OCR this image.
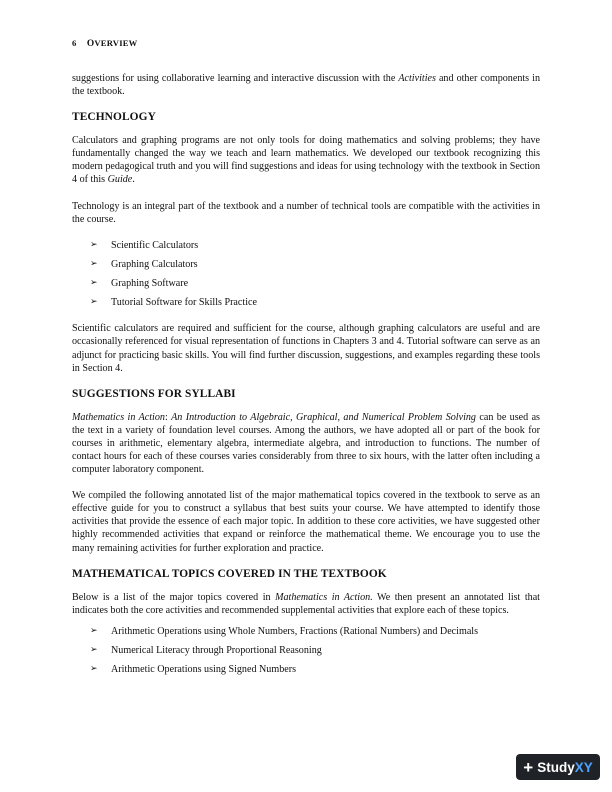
6 OVERVIEW

suggestions for using collaborative learning and interactive discussion with the Activities and other components in the textbook.

TECHNOLOGY

Calculators and graphing programs are not only tools for doing mathematics and solving problems; they have fundamentally changed the way we teach and learn mathematics. We developed our textbook recognizing this modern pedagogical truth and you will find suggestions and ideas for using technology with the textbook in Section 4 of this Guide.

Technology is an integral part of the textbook and a number of technical tools are compatible with the activities in the course.

➢ Scientific Calculators
➢ Graphing Calculators
➢ Graphing Software
➢ Tutorial Software for Skills Practice

Scientific calculators are required and sufficient for the course, although graphing calculators are useful and are occasionally referenced for visual representation of functions in Chapters 3 and 4. Tutorial software can serve as an adjunct for practicing basic skills. You will find further discussion, suggestions, and examples regarding these tools in Section 4.

SUGGESTIONS FOR SYLLABI

Mathematics in Action: An Introduction to Algebraic, Graphical, and Numerical Problem Solving can be used as the text in a variety of foundation level courses. Among the authors, we have adopted all or part of the book for courses in arithmetic, elementary algebra, intermediate algebra, and introduction to functions. The number of contact hours for each of these courses varies considerably from three to six hours, with the latter often including a computer laboratory component.

We compiled the following annotated list of the major mathematical topics covered in the textbook to serve as an effective guide for you to construct a syllabus that best suits your course. We have attempted to identify those activities that provide the essence of each major topic. In addition to these core activities, we have suggested other highly recommended activities that expand or reinforce the mathematical theme. We encourage you to use the many remaining activities for further exploration and practice.

MATHEMATICAL TOPICS COVERED IN THE TEXTBOOK

Below is a list of the major topics covered in Mathematics in Action. We then present an annotated list that indicates both the core activities and recommended supplemental activities that explore each of these topics.

➢ Arithmetic Operations using Whole Numbers, Fractions (Rational Numbers) and Decimals
➢ Numerical Literacy through Proportional Reasoning
➢ Arithmetic Operations using Signed Numbers
+ Study XY
